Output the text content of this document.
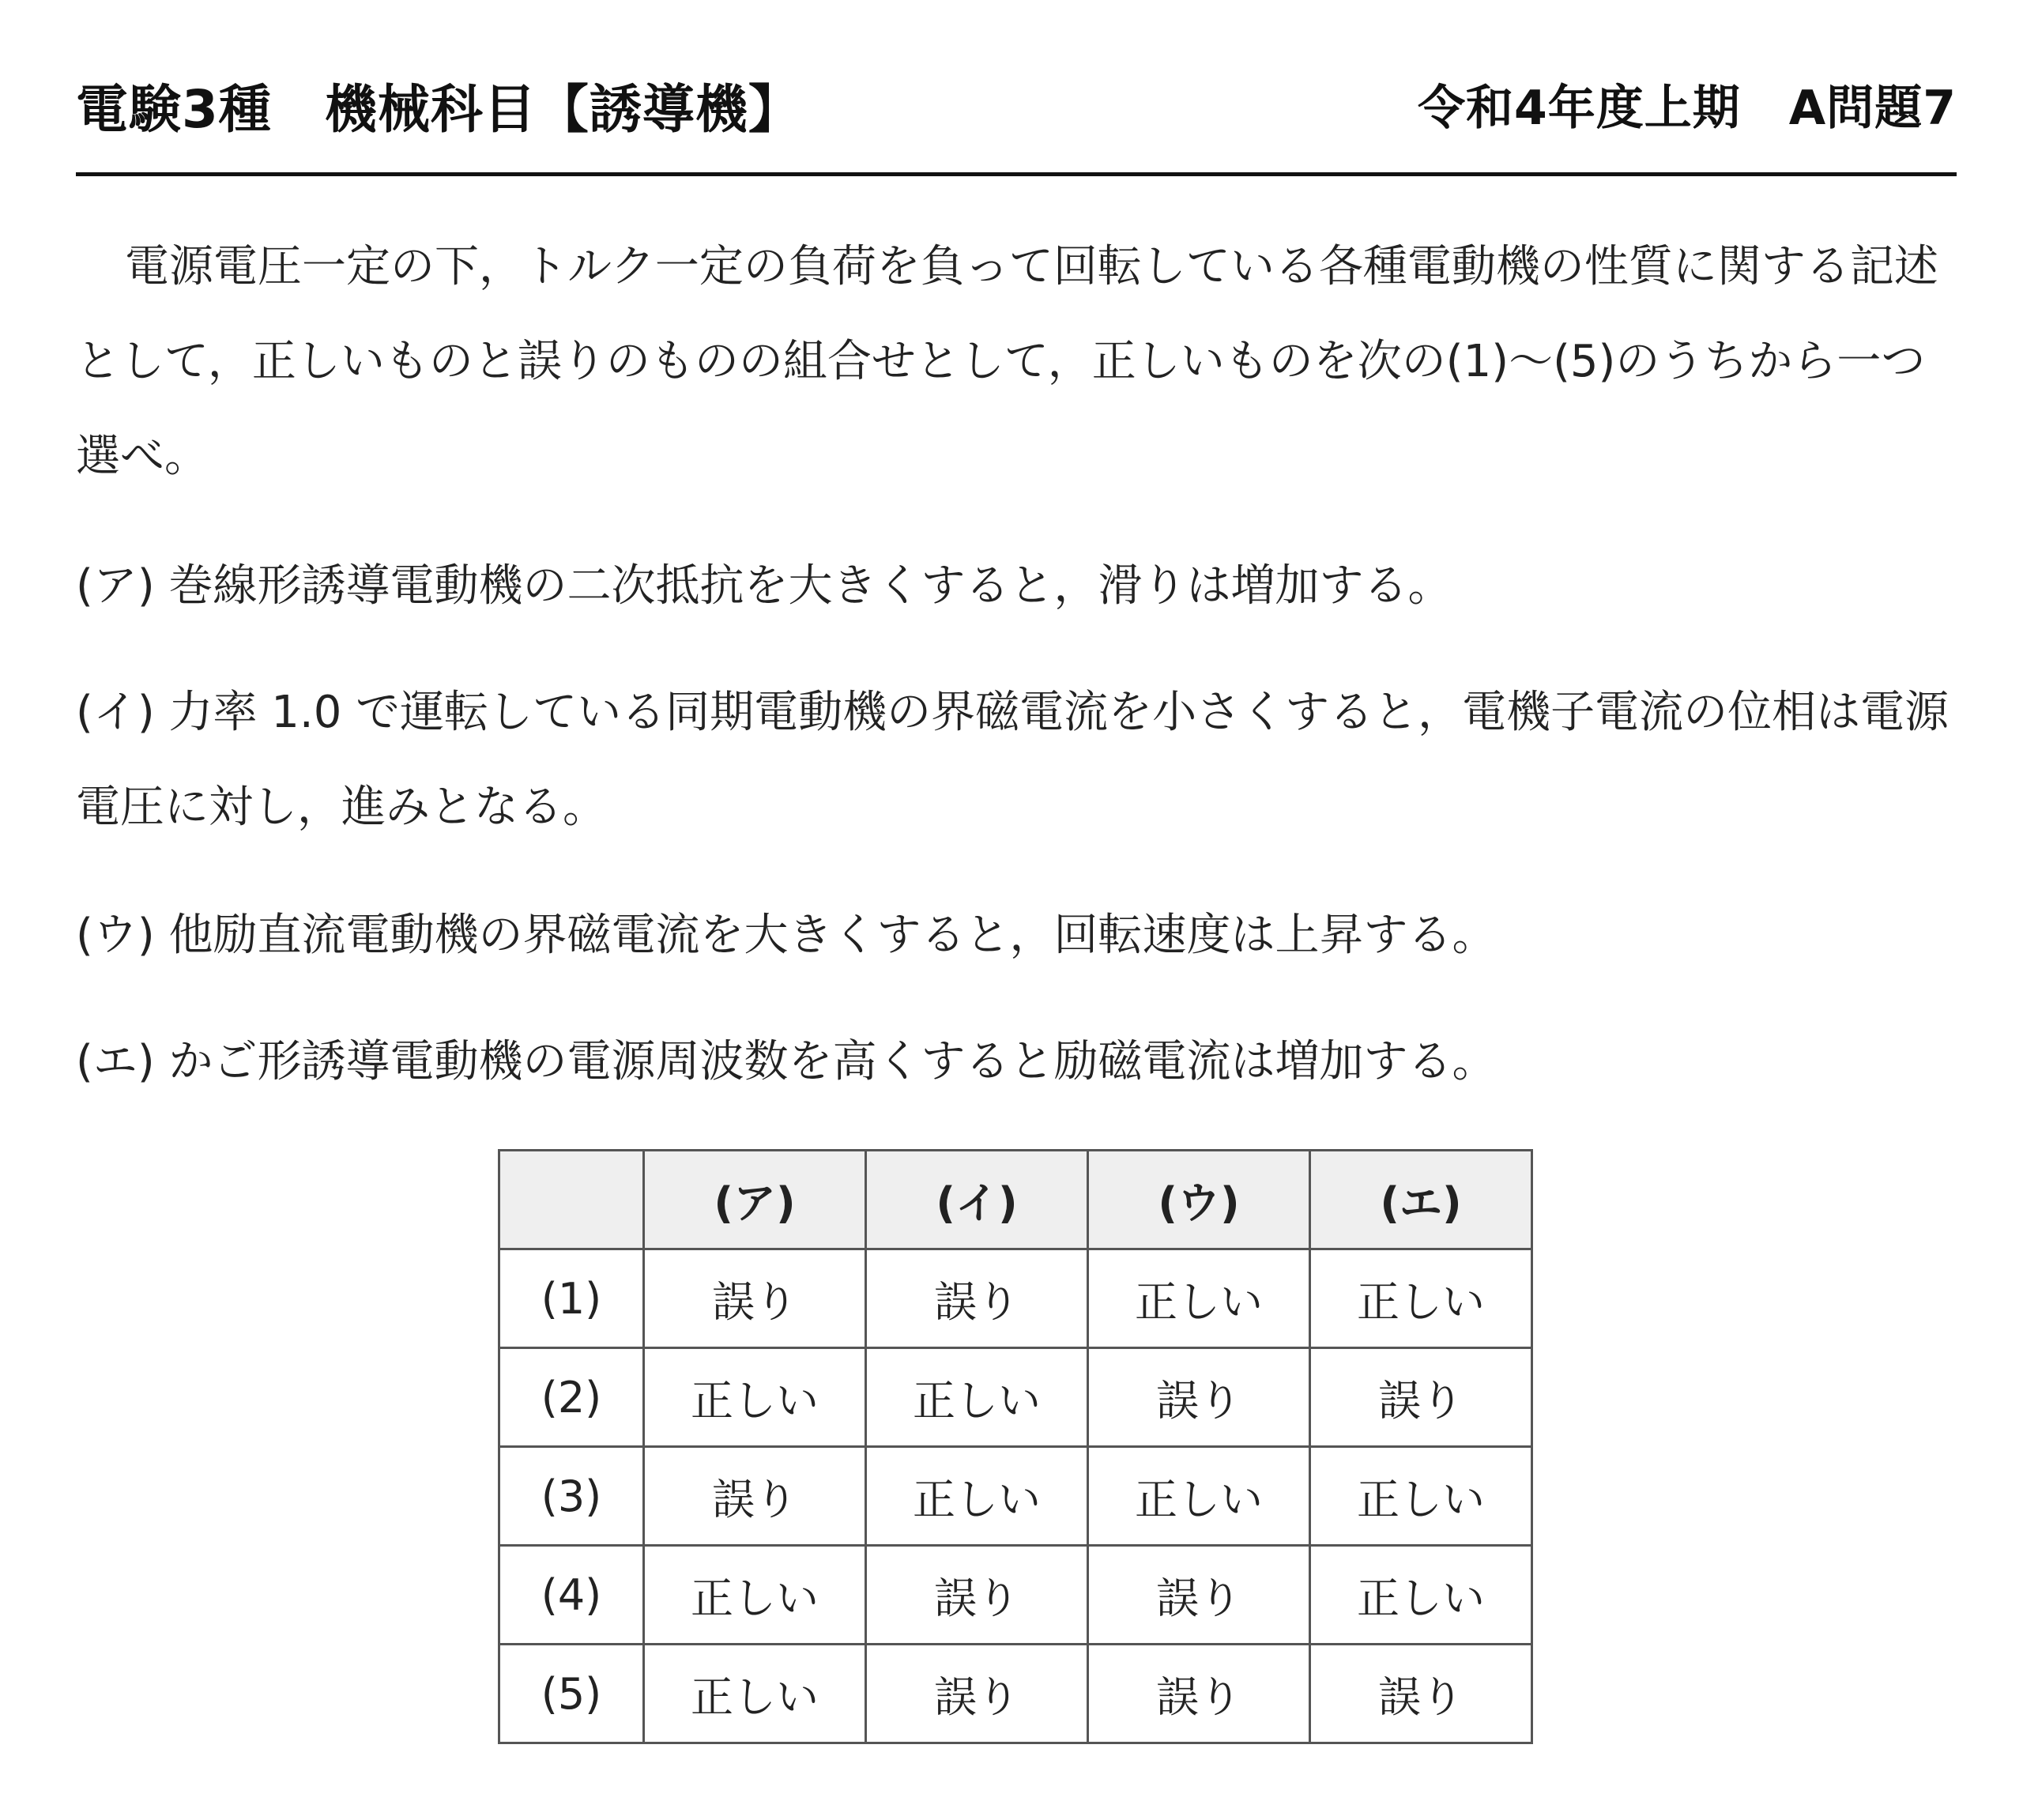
電験3種　機械科目【誘導機】	令和4年度上期　A問題7
電源電圧一定の下，トルク一定の負荷を負って回転している各種電動機の性質に関する記述として，正しいものと誤りのものの組合せとして，正しいものを次の(1)～(5)のうちから一つ選べ。
(ア) 巻線形誘導電動機の二次抵抗を大きくすると，滑りは増加する。
(イ) 力率 1.0 で運転している同期電動機の界磁電流を小さくすると，電機子電流の位相は電源電圧に対し，進みとなる。
(ウ) 他励直流電動機の界磁電流を大きくすると，回転速度は上昇する。
(エ) かご形誘導電動機の電源周波数を高くすると励磁電流は増加する。
	(ア)	(イ)	(ウ)	(エ)
(1)	誤り	誤り	正しい	正しい
(2)	正しい	正しい	誤り	誤り
(3)	誤り	正しい	正しい	正しい
(4)	正しい	誤り	誤り	正しい
(5)	正しい	誤り	誤り	誤り
